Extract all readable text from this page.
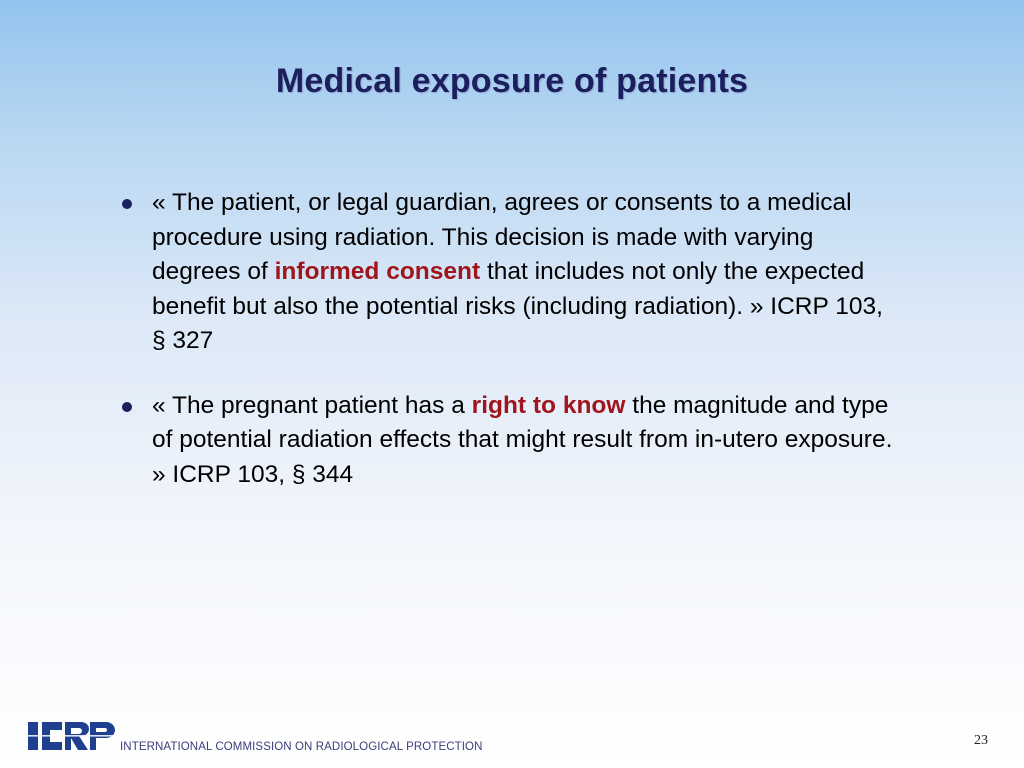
Medical exposure of patients
« The patient, or legal guardian, agrees or consents to a medical procedure using radiation. This decision is made with varying degrees of informed consent that includes not only the expected benefit but also the potential risks (including radiation). » ICRP 103, § 327
« The pregnant patient has a right to know the magnitude and type of potential radiation effects that might result from in-utero exposure. » ICRP 103, § 344
INTERNATIONAL COMMISSION ON RADIOLOGICAL PROTECTION	23
